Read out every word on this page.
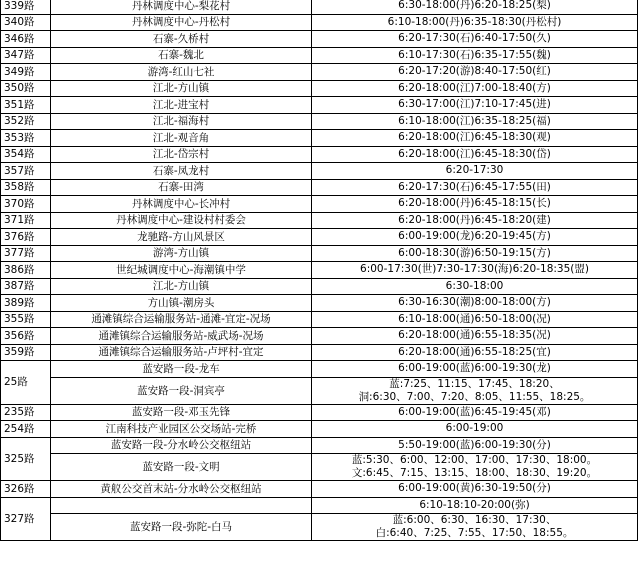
339路	丹林调度中心-梨花村	6:30-18:00(丹)6:20-18:25(梨)

340路	丹林调度中心-丹松村	6:10-18:00(丹)6:35-18:30(丹松村)

346路	石寨-久桥村	6:20-17:30(石)6:40-17:50(久)

347路	石寨-魏北	6:10-17:30(石)6:35-17:55(魏)

349路	游湾-红山七社	6:20-17:20(游)8:40-17:50(红)

350路	江北-方山镇	6:20-18:00(江)7:00-18:40(方)

351路	江北-进宝村	6:30-17:00(江)7:10-17:45(进)

352路	江北-福海村	6:10-18:00(江)6:35-18:25(福)

353路	江北-观音角	6:20-18:00(江)6:45-18:30(观)

354路	江北-岱宗村	6:20-18:00(江)6:45-18:30(岱)

357路	石寨-凤龙村	6:20-17:30

358路	石寨-田湾	6:20-17:30(石)6:45-17:55(田)

370路	丹林调度中心-长冲村	6:20-18:00(丹)6:45-18:15(长)

371路	丹林调度中心-建设村村委会	6:20-18:00(丹)6:45-18:20(建)

376路	龙驰路-方山风景区	6:00-19:00(龙)6:20-19:45(方)

377路	游湾-方山镇	6:00-18:30(游)6:50-19:15(方)

386路	世纪城调度中心-海潮镇中学	6:00-17:30(世)7:30-17:30(海)6:20-18:35(盟)

387路	江北-方山镇	6:30-18:00

389路	方山镇-潮房头	6:30-16:30(潮)8:00-18:00(方)

355路	通滩镇综合运输服务站-通滩-宜定-况场	6:10-18:00(通)6:50-18:00(况)

356路	通滩镇综合运输服务站-威武场-况场	6:20-18:00(通)6:55-18:35(况)

359路	通滩镇综合运输服务站-卢坪村-宜定	6:20-18:00(通)6:55-18:25(宜)

25路	蓝安路一段-龙车	6:00-19:00(蓝)6:00-19:30(龙)

	蓝安路一段-洞宾亭	蓝:7:25、11:15、17:45、18:20、
洞:6:30、7:00、7:20、8:05、11:55、18:25。

235路	蓝安路一段-邓玉先锋	6:00-19:00(蓝)6:45-19:45(邓)

254路	江南科技产业园区公交场站-完桥	6:00-19:00

325路	蓝安路一段-分水岭公交枢纽站	5:50-19:00(蓝)6:00-19:30(分)

	蓝安路一段-文明	蓝:5:30、6:00、12:00、17:00、17:30、18:00。
文:6:45、7:15、13:15、18:00、18:30、19:20。

326路	黄舣公交首末站-分水岭公交枢纽站	6:00-19:00(黄)6:30-19:50(分)

327路		6:10-18:10-20:00(弥)

	蓝安路一段-弥陀-白马	蓝:6:00、6:30、16:30、17:30、
白:6:40、7:25、7:55、17:50、18:55。
